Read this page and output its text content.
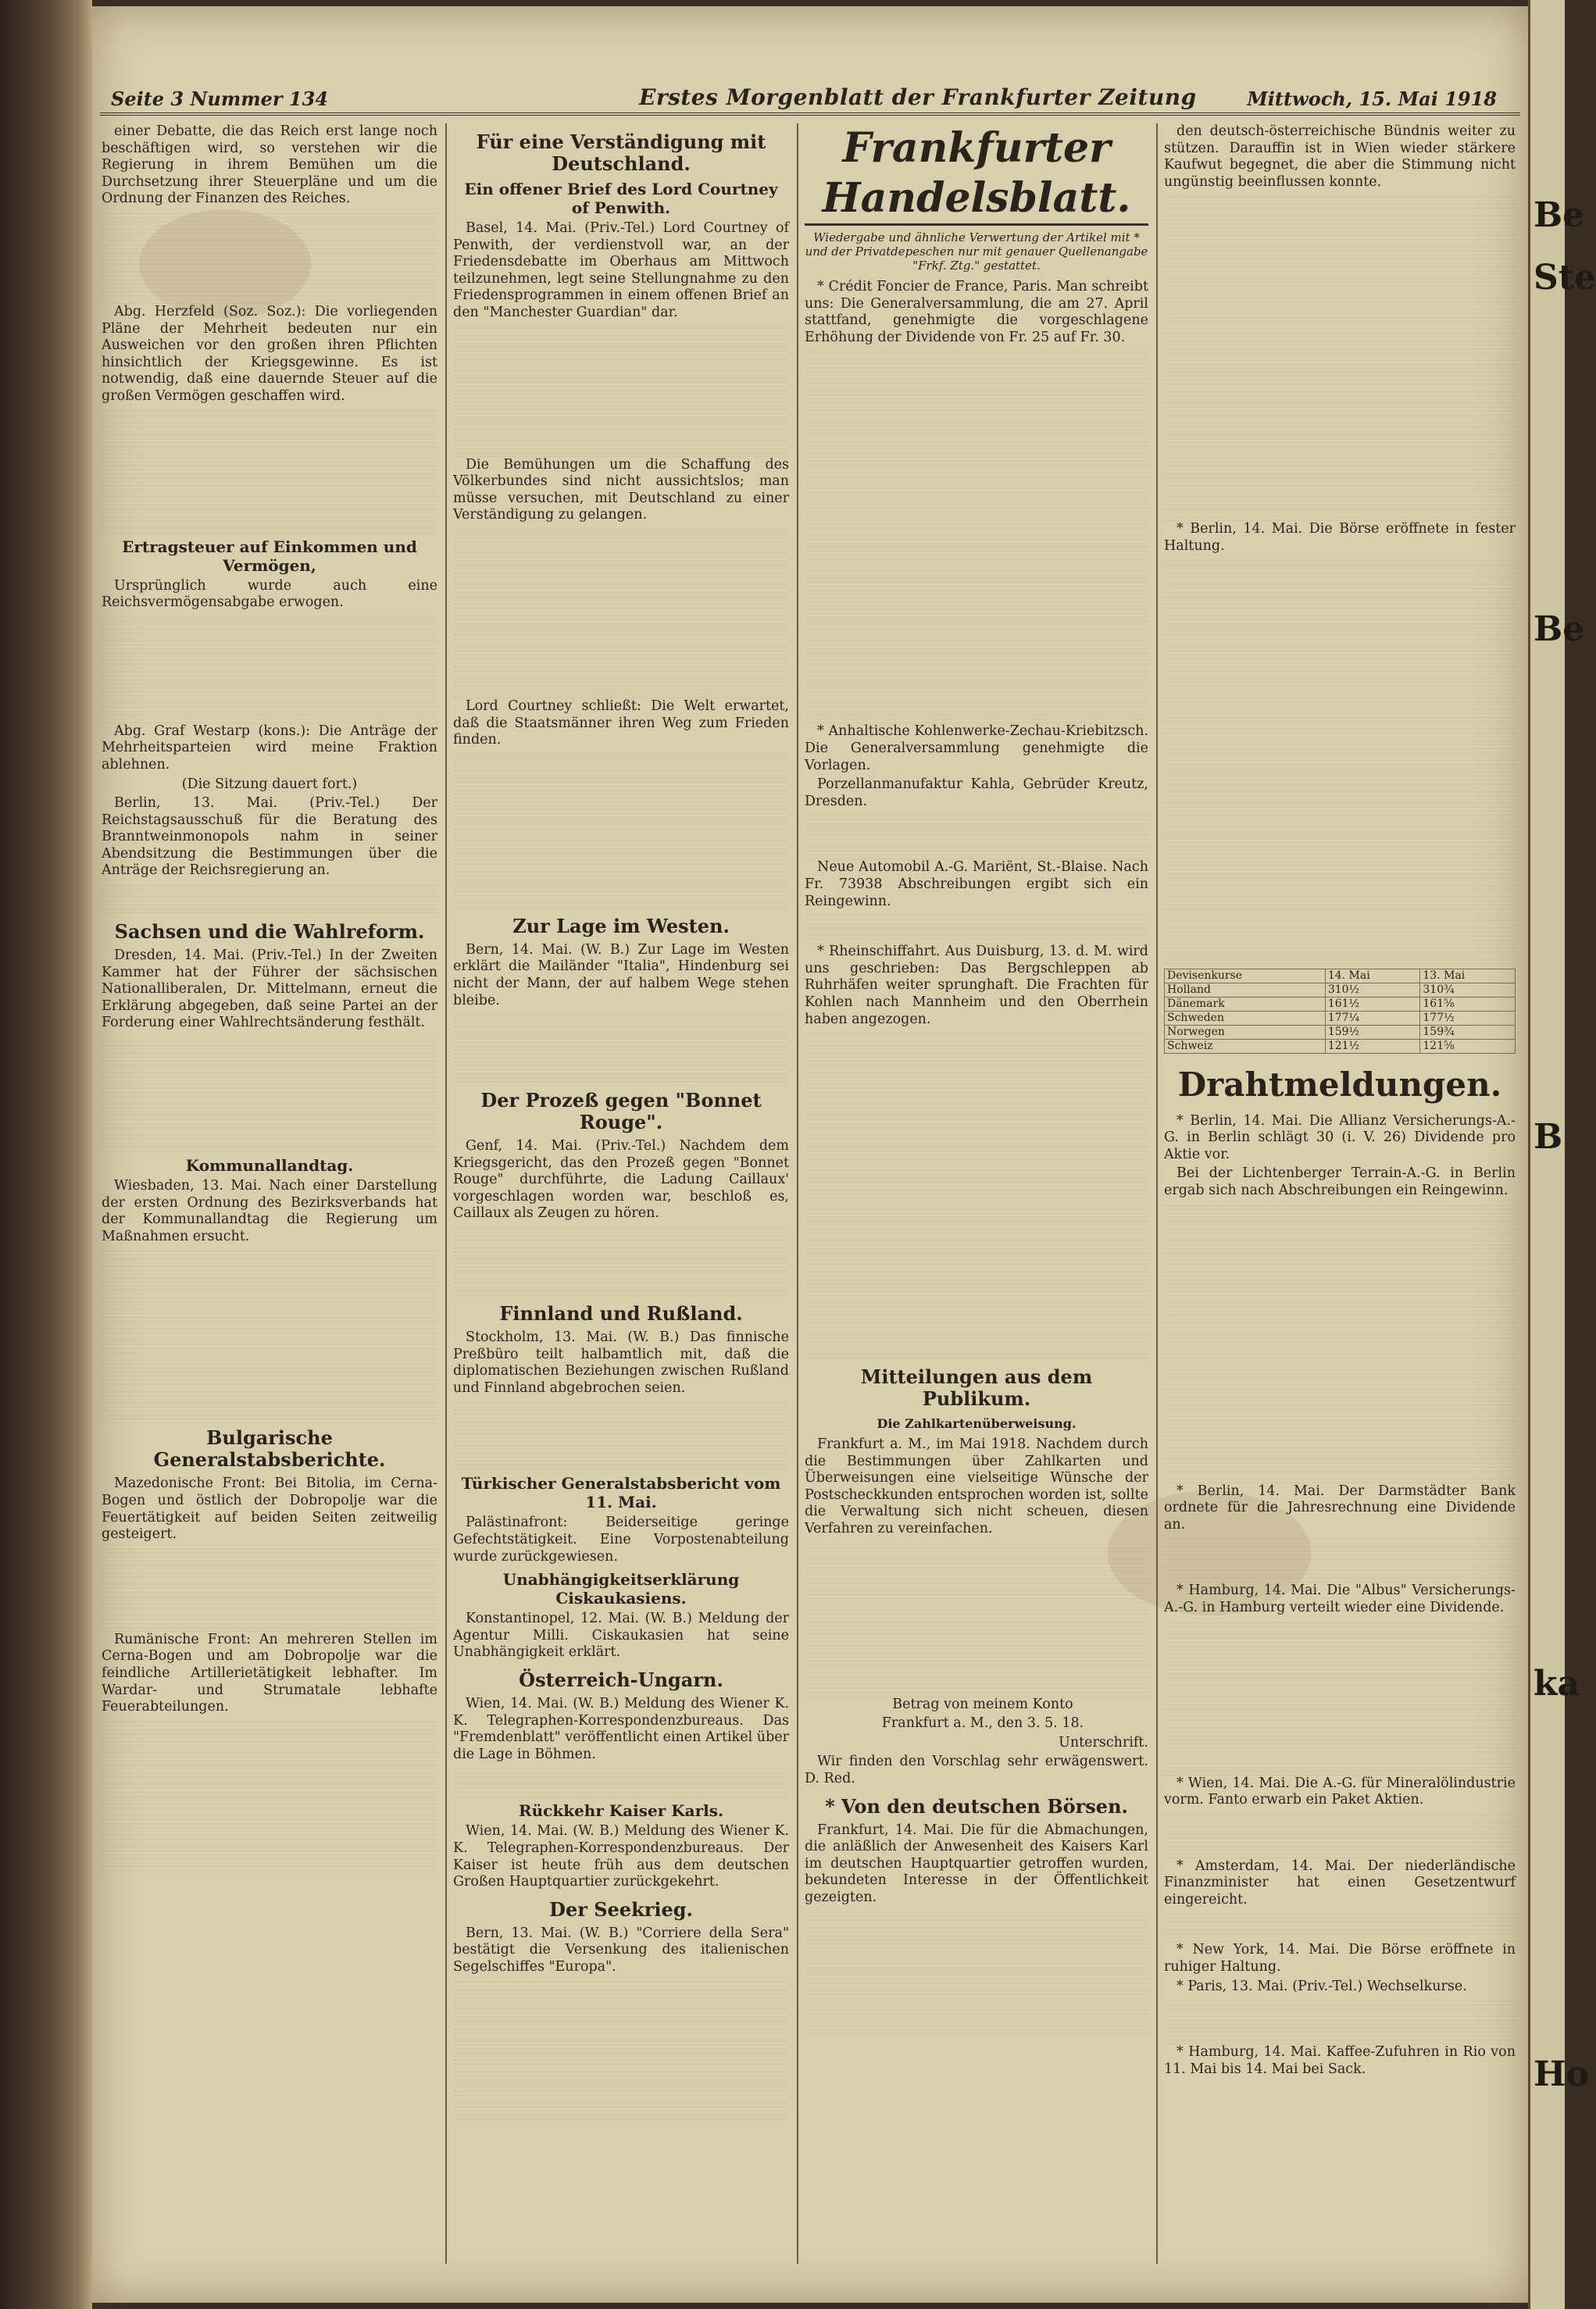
Seite 3 Nummer 134	Erstes Morgenblatt der Frankfurter Zeitung	Mittwoch, 15. Mai 1918

einer Debatte, die das Reich erst lange noch beschäftigen wird, so verstehen wir die Regierung in ihrem Bemühen um die Durchsetzung ihrer Steuerpläne und um die Ordnung der Finanzen des Reiches.

Abg. Herzfeld (Soz. Soz.): Die vorliegenden Pläne der Mehrheit bedeuten nur ein Ausweichen vor den großen ihren Pflichten hinsichtlich der Kriegsgewinne. Es ist notwendig, daß eine dauernde Steuer auf die großen Vermögen geschaffen wird.

Ertragsteuer auf Einkommen und Vermögen,

Ursprünglich wurde auch eine Reichsvermögensabgabe erwogen.

Abg. Graf Westarp (kons.): Die Anträge der Mehrheitsparteien wird meine Fraktion ablehnen.

(Die Sitzung dauert fort.)

Berlin, 13. Mai. (Priv.-Tel.) Der Reichstagsausschuß für die Beratung des Branntweinmonopols nahm in seiner Abendsitzung die Bestimmungen über die Anträge der Reichsregierung an.

Sachsen und die Wahlreform.

Dresden, 14. Mai. (Priv.-Tel.) In der Zweiten Kammer hat der Führer der sächsischen Nationalliberalen, Dr. Mittelmann, erneut die Erklärung abgegeben, daß seine Partei an der Forderung einer Wahlrechtsänderung festhält.

Kommunallandtag.

Wiesbaden, 13. Mai. Nach einer Darstellung der ersten Ordnung des Bezirksverbands hat der Kommunallandtag die Regierung um Maßnahmen ersucht.

Bulgarische Generalstabsberichte.

Mazedonische Front: Bei Bitolia, im Cerna-Bogen und östlich der Dobropolje war die Feuertätigkeit auf beiden Seiten zeitweilig gesteigert.

Rumänische Front: An mehreren Stellen im Cerna-Bogen und am Dobropolje war die feindliche Artillerietätigkeit lebhafter. Im Wardar- und Strumatale lebhafte Feuerabteilungen.

Für eine Verständigung mit Deutschland.
Ein offener Brief des Lord Courtney of Penwith.

Basel, 14. Mai. (Priv.-Tel.) Lord Courtney of Penwith, der verdienstvoll war, an der Friedensdebatte im Oberhaus am Mittwoch teilzunehmen, legt seine Stellungnahme zu den Friedensprogrammen in einem offenen Brief an den "Manchester Guardian" dar.

Die Bemühungen um die Schaffung des Völkerbundes sind nicht aussichtslos; man müsse versuchen, mit Deutschland zu einer Verständigung zu gelangen.

Lord Courtney schließt: Die Welt erwartet, daß die Staatsmänner ihren Weg zum Frieden finden.

Zur Lage im Westen.

Bern, 14. Mai. (W. B.) Zur Lage im Westen erklärt die Mailänder "Italia", Hindenburg sei nicht der Mann, der auf halbem Wege stehen bleibe.

Der Prozeß gegen "Bonnet Rouge".

Genf, 14. Mai. (Priv.-Tel.) Nachdem dem Kriegsgericht, das den Prozeß gegen "Bonnet Rouge" durchführte, die Ladung Caillaux' vorgeschlagen worden war, beschloß es, Caillaux als Zeugen zu hören.

Finnland und Rußland.

Stockholm, 13. Mai. (W. B.) Das finnische Preßbüro teilt halbamtlich mit, daß die diplomatischen Beziehungen zwischen Rußland und Finnland abgebrochen seien.

Türkischer Generalstabsbericht vom 11. Mai.

Palästinafront: Beiderseitige geringe Gefechtstätigkeit. Eine Vorpostenabteilung wurde zurückgewiesen.

Unabhängigkeitserklärung Ciskaukasiens.

Konstantinopel, 12. Mai. (W. B.) Meldung der Agentur Milli. Ciskaukasien hat seine Unabhängigkeit erklärt.

Österreich-Ungarn.

Wien, 14. Mai. (W. B.) Meldung des Wiener K. K. Telegraphen-Korrespondenzbureaus. Das "Fremdenblatt" veröffentlicht einen Artikel über die Lage in Böhmen.

Rückkehr Kaiser Karls.

Wien, 14. Mai. (W. B.) Meldung des Wiener K. K. Telegraphen-Korrespondenzbureaus. Der Kaiser ist heute früh aus dem deutschen Großen Hauptquartier zurückgekehrt.

Der Seekrieg.

Bern, 13. Mai. (W. B.) "Corriere della Sera" bestätigt die Versenkung des italienischen Segelschiffes "Europa".

Frankfurter Handelsblatt.
Wiedergabe und ähnliche Verwertung der Artikel mit * und der Privatdepeschen nur mit genauer Quellenangabe "Frkf. Ztg." gestattet.

* Crédit Foncier de France, Paris. Man schreibt uns: Die Generalversammlung, die am 27. April stattfand, genehmigte die vorgeschlagene Erhöhung der Dividende von Fr. 25 auf Fr. 30.

* Anhaltische Kohlenwerke-Zechau-Kriebitzsch. Die Generalversammlung genehmigte die Vorlagen.

Porzellanmanufaktur Kahla, Gebrüder Kreutz, Dresden.

Neue Automobil A.-G. Mariënt, St.-Blaise. Nach Fr. 73938 Abschreibungen ergibt sich ein Reingewinn.

* Rheinschiffahrt. Aus Duisburg, 13. d. M. wird uns geschrieben: Das Bergschleppen ab Ruhrhäfen weiter sprunghaft. Die Frachten für Kohlen nach Mannheim und den Oberrhein haben angezogen.

Mitteilungen aus dem Publikum.
Die Zahlkartenüberweisung.

Frankfurt a. M., im Mai 1918. Nachdem durch die Bestimmungen über Zahlkarten und Überweisungen eine vielseitige Wünsche der Postscheckkunden entsprochen worden ist, sollte die Verwaltung sich nicht scheuen, diesen Verfahren zu vereinfachen.

Betrag von meinem Konto

Frankfurt a. M., den 3. 5. 18.

Unterschrift.

Wir finden den Vorschlag sehr erwägenswert. D. Red.

* Von den deutschen Börsen.

Frankfurt, 14. Mai. Die für die Abmachungen, die anläßlich der Anwesenheit des Kaisers Karl im deutschen Hauptquartier getroffen wurden, bekundeten Interesse in der Öffentlichkeit gezeigten.

den deutsch-österreichische Bündnis weiter zu stützen. Darauffin ist in Wien wieder stärkere Kaufwut begegnet, die aber die Stimmung nicht ungünstig beeinflussen konnte.

* Berlin, 14. Mai. Die Börse eröffnete in fester Haltung.

Devisenkurse	14. Mai	13. Mai
Holland	310½	310¾
Dänemark	161½	161⅝
Schweden	177¼	177½
Norwegen	159½	159¾
Schweiz	121½	121⅝
Drahtmeldungen.

* Berlin, 14. Mai. Die Allianz Versicherungs-A.-G. in Berlin schlägt 30 (i. V. 26) Dividende pro Aktie vor.

Bei der Lichtenberger Terrain-A.-G. in Berlin ergab sich nach Abschreibungen ein Reingewinn.

* Berlin, 14. Mai. Der Darmstädter Bank ordnete für die Jahresrechnung eine Dividende an.

* Hamburg, 14. Mai. Die "Albus" Versicherungs-A.-G. in Hamburg verteilt wieder eine Dividende.

* Wien, 14. Mai. Die A.-G. für Mineralölindustrie vorm. Fanto erwarb ein Paket Aktien.

* Amsterdam, 14. Mai. Der niederländische Finanzminister hat einen Gesetzentwurf eingereicht.

* New York, 14. Mai. Die Börse eröffnete in ruhiger Haltung.

* Paris, 13. Mai. (Priv.-Tel.) Wechselkurse.

* Hamburg, 14. Mai. Kaffee-Zufuhren in Rio von 11. Mai bis 14. Mai bei Sack.

Be
Ste
Be
B
ka
Ho
